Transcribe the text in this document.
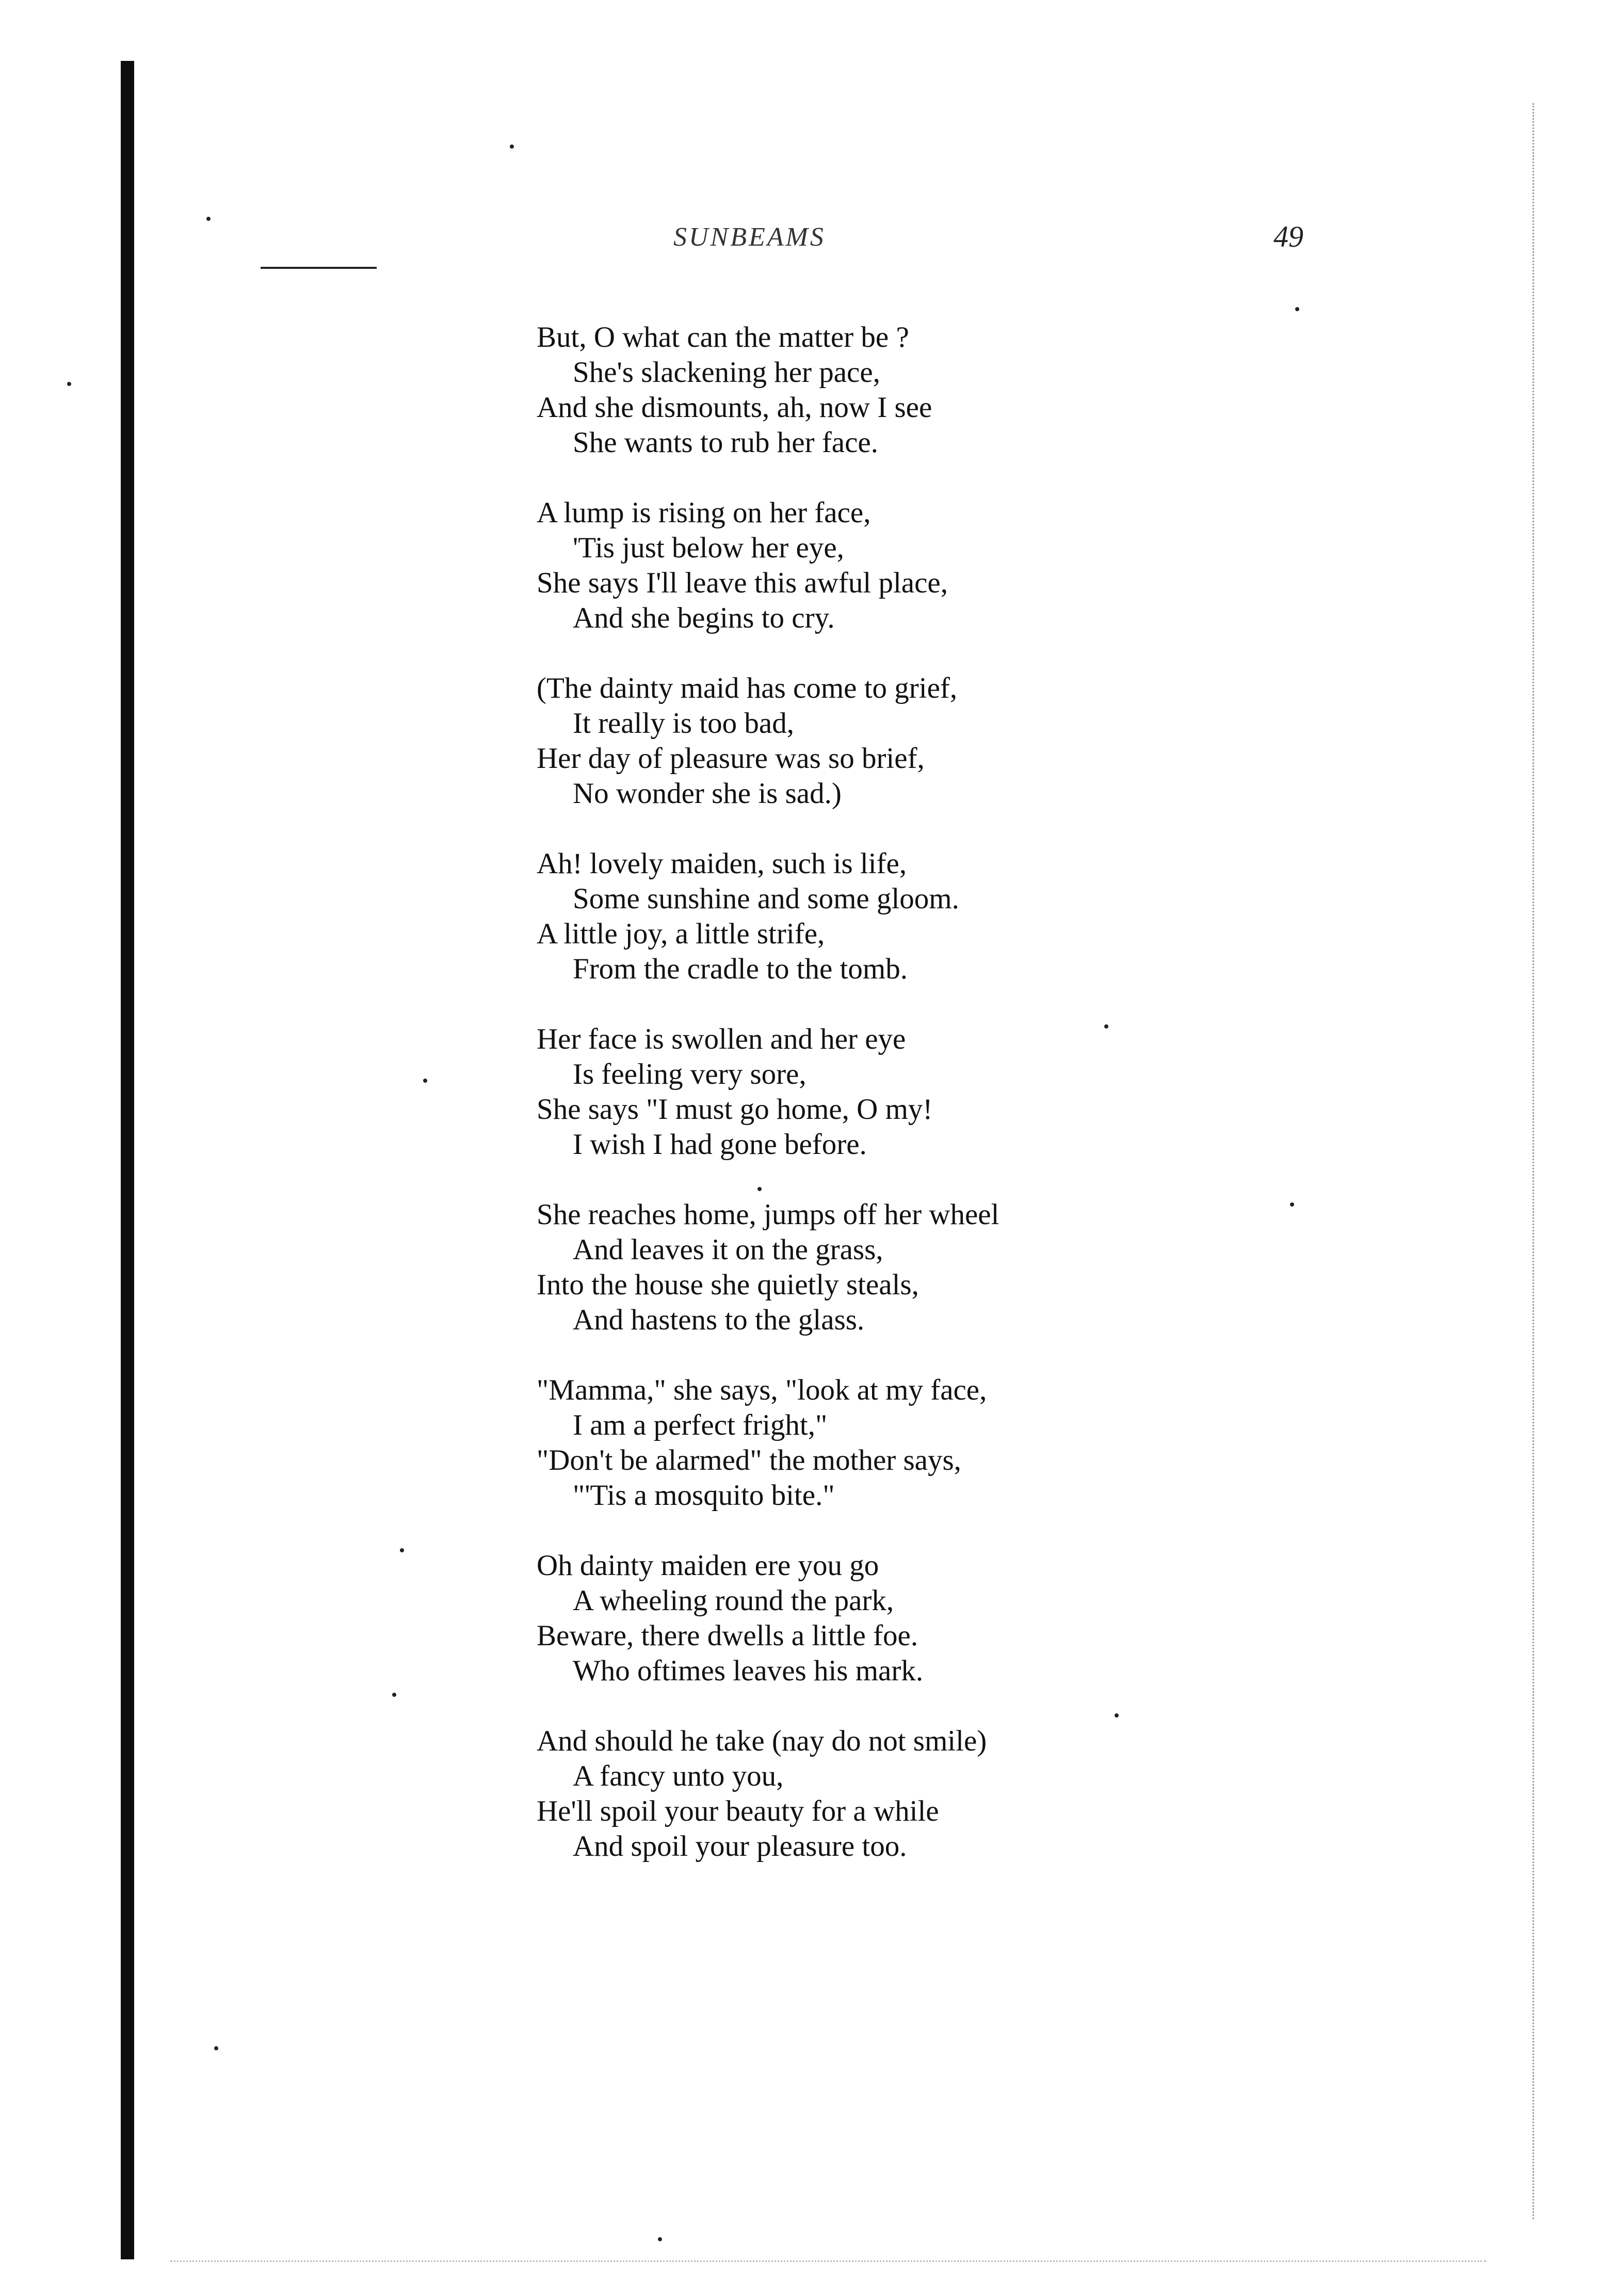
SUNBEAMS	49
But, O what can the matter be ?
She's slackening her pace,
And she dismounts, ah, now I see
She wants to rub her face.
A lump is rising on her face,
'Tis just below her eye,
She says I'll leave this awful place,
And she begins to cry.
(The dainty maid has come to grief,
It really is too bad,
Her day of pleasure was so brief,
No wonder she is sad.)
Ah! lovely maiden, such is life,
Some sunshine and some gloom.
A little joy, a little strife,
From the cradle to the tomb.
Her face is swollen and her eye
Is feeling very sore,
She says "I must go home, O my!
I wish I had gone before.
She reaches home, jumps off her wheel
And leaves it on the grass,
Into the house she quietly steals,
And hastens to the glass.
"Mamma," she says, "look at my face,
I am a perfect fright,"
"Don't be alarmed" the mother says,
"'Tis a mosquito bite."
Oh dainty maiden ere you go
A wheeling round the park,
Beware, there dwells a little foe.
Who oftimes leaves his mark.
And should he take (nay do not smile)
A fancy unto you,
He'll spoil your beauty for a while
And spoil your pleasure too.
